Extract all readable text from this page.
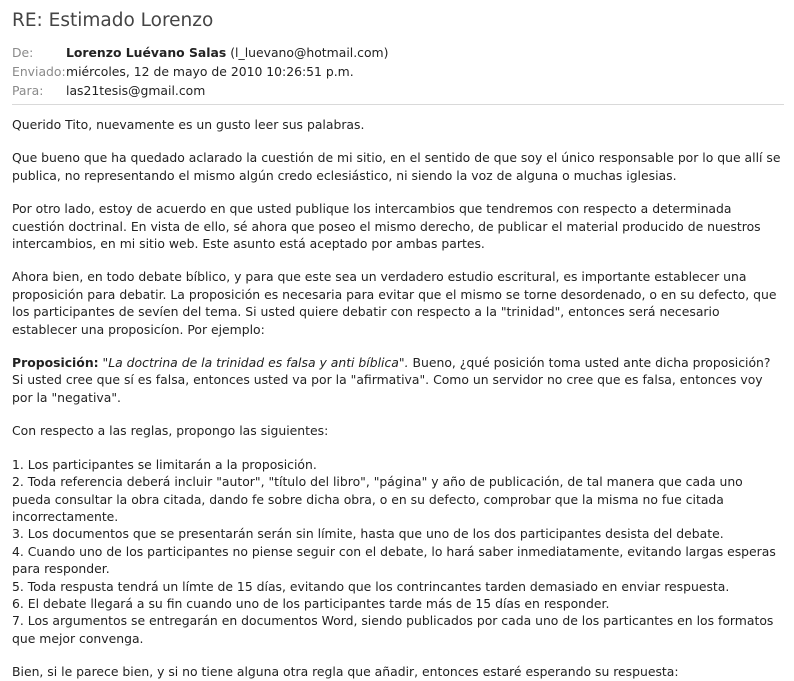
RE: Estimado Lorenzo
De:	Lorenzo Luévano Salas (l_luevano@hotmail.com)
Enviado: miércoles, 12 de mayo de 2010 10:26:51 p.m.
Para:	las21tesis@gmail.com

Querido Tito, nuevamente es un gusto leer sus palabras.

Que bueno que ha quedado aclarado la cuestión de mi sitio, en el sentido de que soy el único responsable por lo que allí se publica, no representando el mismo algún credo eclesiástico, ni siendo la voz de alguna o muchas iglesias.

Por otro lado, estoy de acuerdo en que usted publique los intercambios que tendremos con respecto a determinada cuestión doctrinal. En vista de ello, sé ahora que poseo el mismo derecho, de publicar el material producido de nuestros intercambios, en mi sitio web. Este asunto está aceptado por ambas partes.

Ahora bien, en todo debate bíblico, y para que este sea un verdadero estudio escritural, es importante establecer una proposición para debatir. La proposición es necesaria para evitar que el mismo se torne desordenado, o en su defecto, que los participantes de sevíen del tema. Si usted quiere debatir con respecto a la "trinidad", entonces será necesario establecer una proposicíon. Por ejemplo:

Proposición: "La doctrina de la trinidad es falsa y anti bíblica". Bueno, ¿qué posición toma usted ante dicha proposición? Si usted cree que sí es falsa, entonces usted va por la "afirmativa". Como un servidor no cree que es falsa, entonces voy por la "negativa".

Con respecto a las reglas, propongo las siguientes:

1. Los participantes se limitarán a la proposición.
2. Toda referencia deberá incluir "autor", "título del libro", "página" y año de publicación, de tal manera que cada uno pueda consultar la obra citada, dando fe sobre dicha obra, o en su defecto, comprobar que la misma no fue citada incorrectamente.
3. Los documentos que se presentarán serán sin límite, hasta que uno de los dos participantes desista del debate.
4. Cuando uno de los participantes no piense seguir con el debate, lo hará saber inmediatamente, evitando largas esperas para responder.
5. Toda respusta tendrá un límte de 15 días, evitando que los contrincantes tarden demasiado en enviar respuesta.
6. El debate llegará a su fin cuando uno de los participantes tarde más de 15 días en responder.
7. Los argumentos se entregarán en documentos Word, siendo publicados por cada uno de los particantes en los formatos que mejor convenga.

Bien, si le parece bien, y si no tiene alguna otra regla que añadir, entonces estaré esperando su respuesta:
